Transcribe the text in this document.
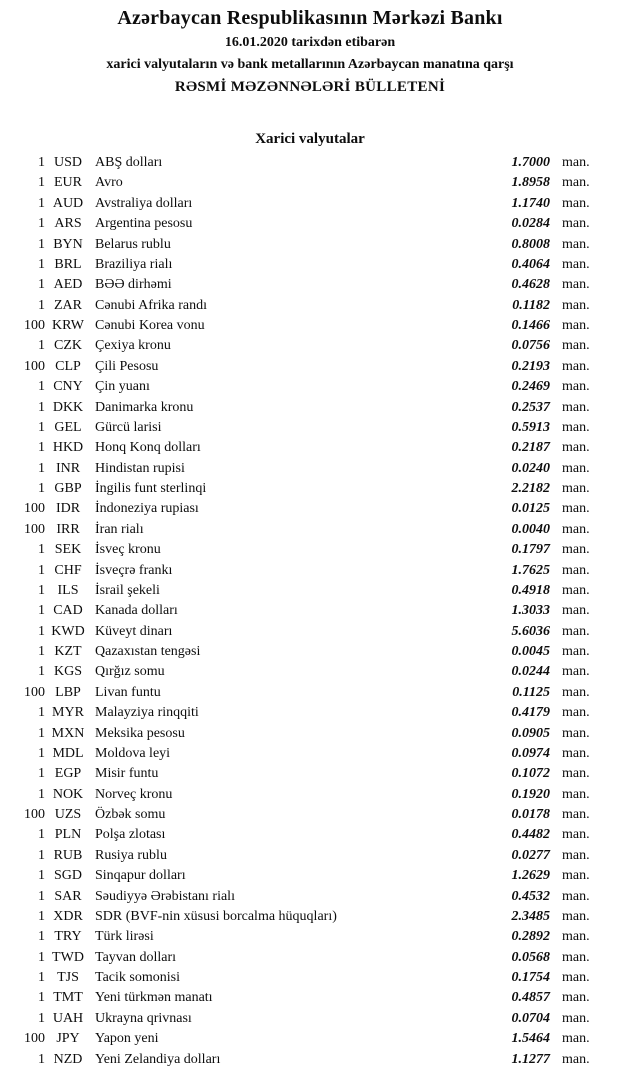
Azərbaycan Respublikasının Mərkəzi Bankı
16.01.2020 tarixdən etibarən
xarici valyutaların və bank metallarının Azərbaycan manatına qarşı
RƏSMİ MƏZƏNNƏLƏRİ BÜLLETENİ
Xarici valyutalar
1 USD ABŞ dolları	1.7000 man.
1 EUR Avro	1.8958 man.
1 AUD Avstraliya dolları	1.1740 man.
1 ARS Argentina pesosu	0.0284 man.
1 BYN Belarus rublu	0.8008 man.
1 BRL Braziliya rialı	0.4064 man.
1 AED BƏƏ dirhəmi	0.4628 man.
1 ZAR Cənubi Afrika randı	0.1182 man.
100 KRW Cənubi Korea vonu	0.1466 man.
1 CZK Çexiya kronu	0.0756 man.
100 CLP	Çili Pesosu	0.2193 man.
1 CNY Çin yuanı	0.2469 man.
1 DKK Danimarka kronu	0.2537 man.
1 GEL Gürcü larisi	0.5913 man.
1 HKD Honq Konq dolları	0.2187 man.
1 INR	Hindistan rupisi	0.0240 man.
1 GBP İngilis funt sterlinqi	2.2182 man.
100 IDR	İndoneziya rupiası	0.0125 man.
100 IRR	İran rialı	0.0040 man.
1 SEK İsveç kronu	0.1797 man.
1 CHF İsveçrə frankı	1.7625 man.
1 ILS	İsrail şekeli	0.4918 man.
1 CAD Kanada dolları	1.3033 man.
1 KWD Küveyt dinarı	5.6036 man.
1 KZT Qazaxıstan tengəsi	0.0045 man.
1 KGS Qırğız somu	0.0244 man.
100 LBP	Livan funtu	0.1125 man.
1 MYR Malayziya rinqqiti	0.4179 man.
1 MXN Meksika pesosu	0.0905 man.
1 MDL Moldova leyi	0.0974 man.
1 EGP Misir funtu	0.1072 man.
1 NOK Norveç kronu	0.1920 man.
100 UZS Özbək somu	0.0178 man.
1 PLN Polşa zlotası	0.4482 man.
1 RUB Rusiya rublu	0.0277 man.
1 SGD Sinqapur dolları	1.2629 man.
1 SAR Səudiyyə Ərəbistanı rialı	0.4532 man.
1 XDR SDR (BVF-nin xüsusi borcalma hüquqları)	2.3485 man.
1 TRY Türk lirəsi	0.2892 man.
1 TWD Tayvan dolları	0.0568 man.
1 TJS	Tacik somonisi	0.1754 man.
1 TMT Yeni türkmən manatı	0.4857 man.
1 UAH Ukrayna qrivnası	0.0704 man.
100 JPY	Yapon yeni	1.5464 man.
1 NZD Yeni Zelandiya dolları	1.1277 man.
